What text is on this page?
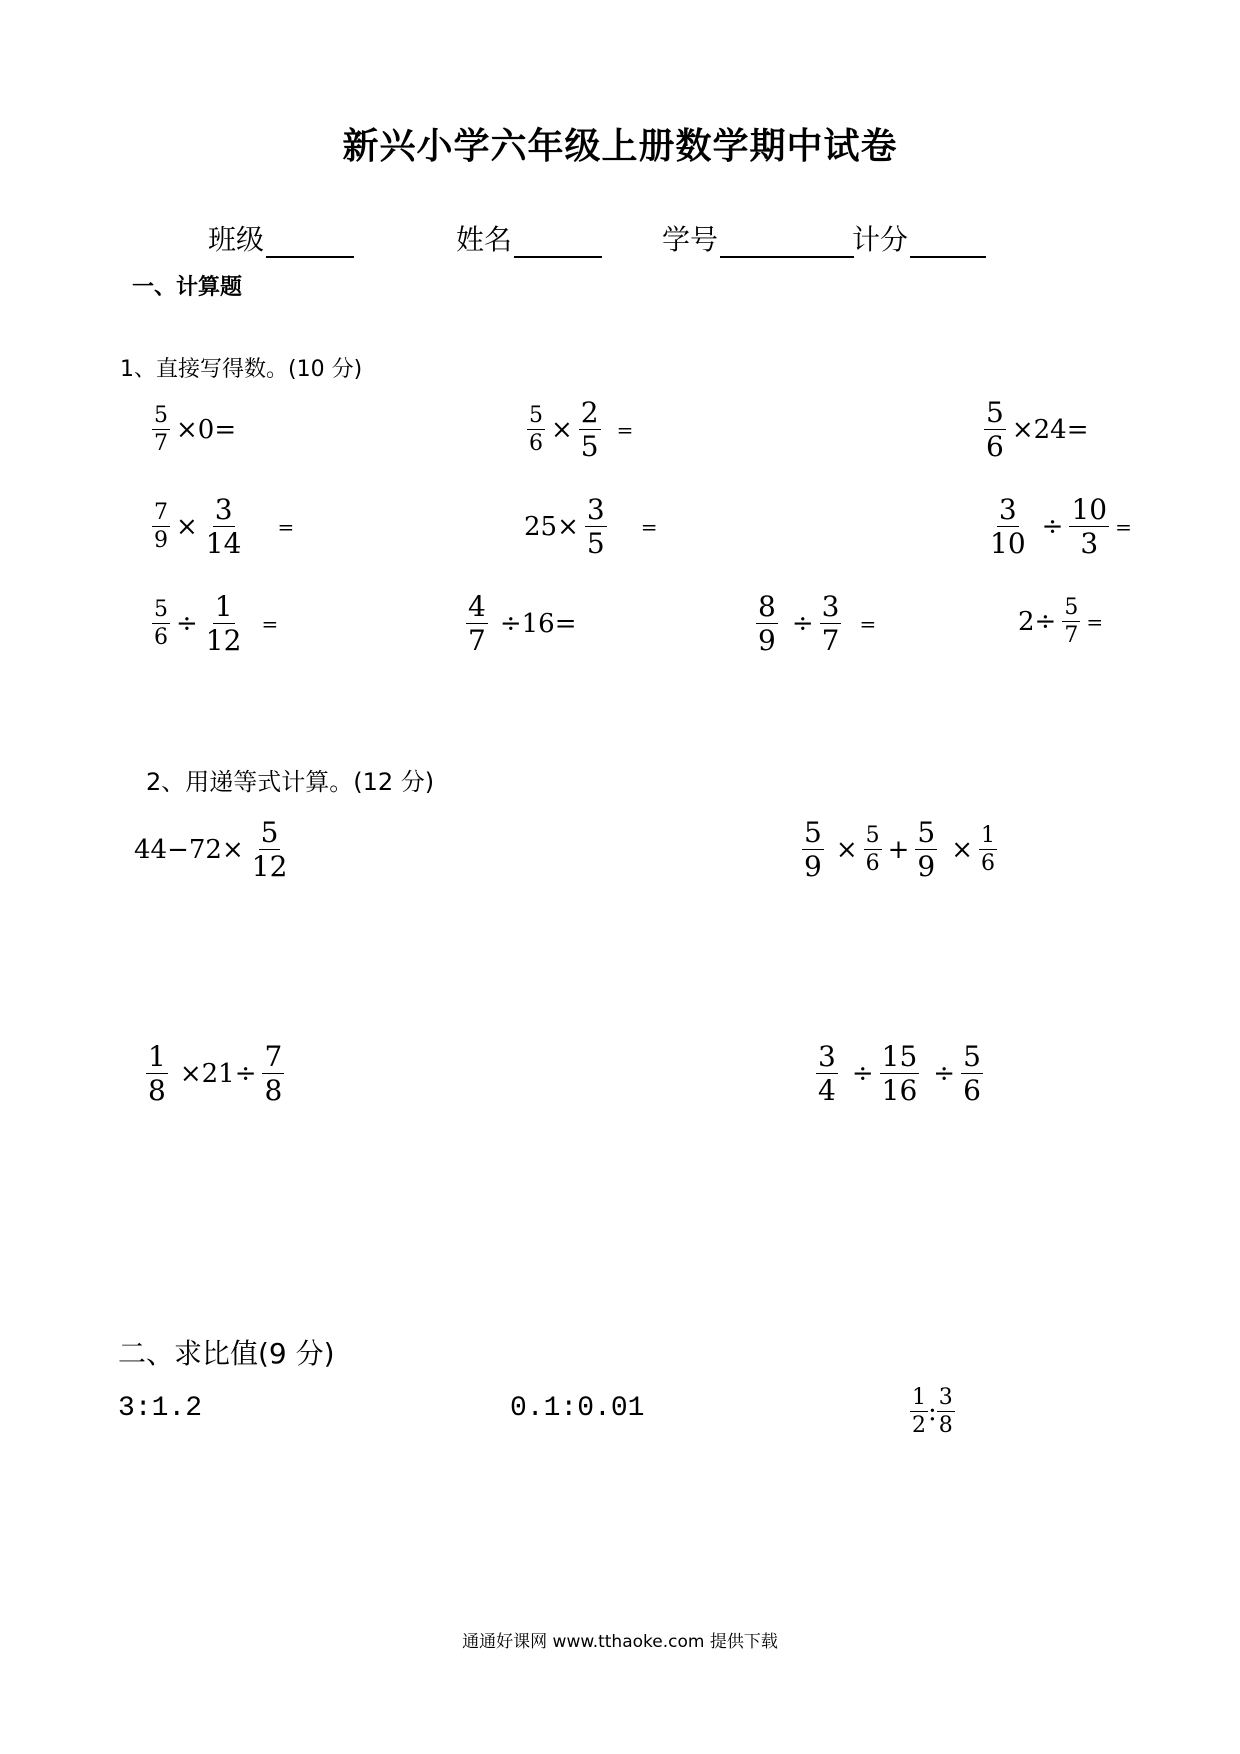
新兴小学六年级上册数学期中试卷
班级	姓名	学号	计分
一、计算题
1、直接写得数。(10 分)
$\frac{5}{7} \times 0=$	$\frac{5}{6} \times \frac{2}{5}$ =	$\frac{5}{6} \times 24=$
$\frac{7}{9} \times \frac{3}{14}$ =	$25\times \frac{3}{5}$ =	$\frac{3}{10} \div \frac{10}{3}$ =
$\frac{5}{6} \div \frac{1}{12}$ =	$\frac{4}{7} \div 16=$	$\frac{8}{9} \div \frac{3}{7}$ =	$2\div \frac{5}{7}$ =
2、用递等式计算。(12 分)
$44-72\times \frac{5}{12}$	$\frac{5}{9} \times \frac{5}{6} + \frac{5}{9} \times \frac{1}{6}$
$\frac{1}{8} \times 21\div \frac{7}{8}$	$\frac{3}{4} \div \frac{15}{16} \div \frac{5}{6}$
二、求比值(9 分)
3:1.2	0.1:0.01	$\frac{1}{2}$ : $\frac{3}{8}$
通通好课网 www.tthaoke.com 提供下载
